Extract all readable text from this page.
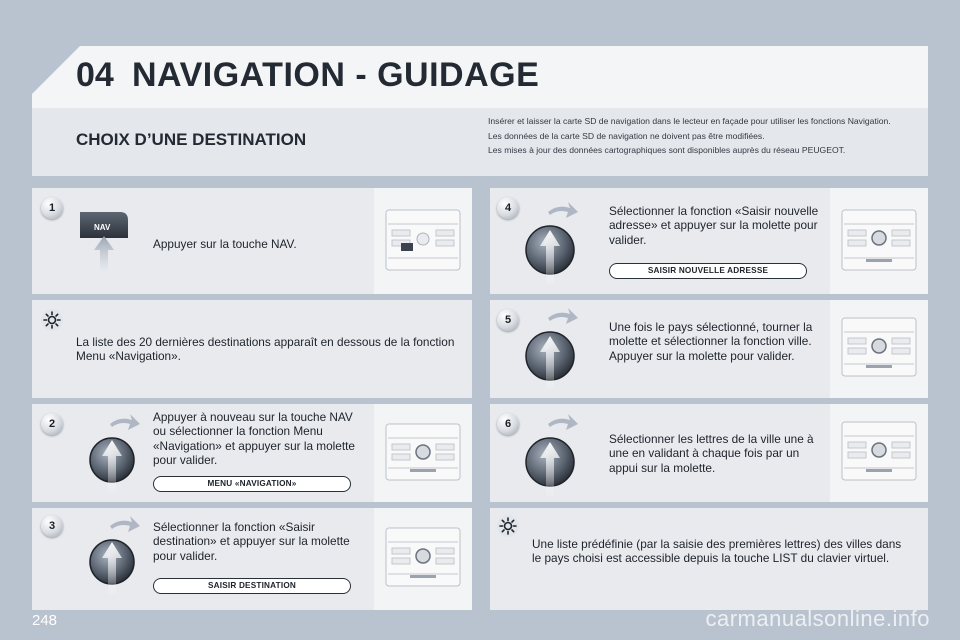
04 NAVIGATION - GUIDAGE
CHOIX D’UNE DESTINATION

Insérer et laisser la carte SD de navigation dans le lecteur en façade pour utiliser les fonctions Navigation.

Les données de la carte SD de navigation ne doivent pas être modifiées.

Les mises à jour des données cartographiques sont disponibles auprès du réseau PEUGEOT.

1
NAV
Appuyer sur la touche NAV.
La liste des 20 dernières destinations apparaît en dessous de la fonction Menu «Navigation».
2	Appuyer à nouveau sur la touche NAV ou sélectionner la fonction Menu «Navigation» et appuyer sur la molette pour valider.
MENU «NAVIGATION»
3	Sélectionner la fonction «Saisir destination» et appuyer sur la molette pour valider.
SAISIR DESTINATION
4	Sélectionner la fonction «Saisir nouvelle adresse» et appuyer sur la molette pour valider.
SAISIR NOUVELLE ADRESSE
5	Une fois le pays sélectionné, tourner la molette et sélectionner la fonction ville. Appuyer sur la molette pour valider.
6
Sélectionner les lettres de la ville une à une en validant à chaque fois par un appui sur la molette.
Une liste prédéfinie (par la saisie des premières lettres) des villes dans le pays choisi est accessible depuis la touche LIST du clavier virtuel.
248	carmanualsonline.info
